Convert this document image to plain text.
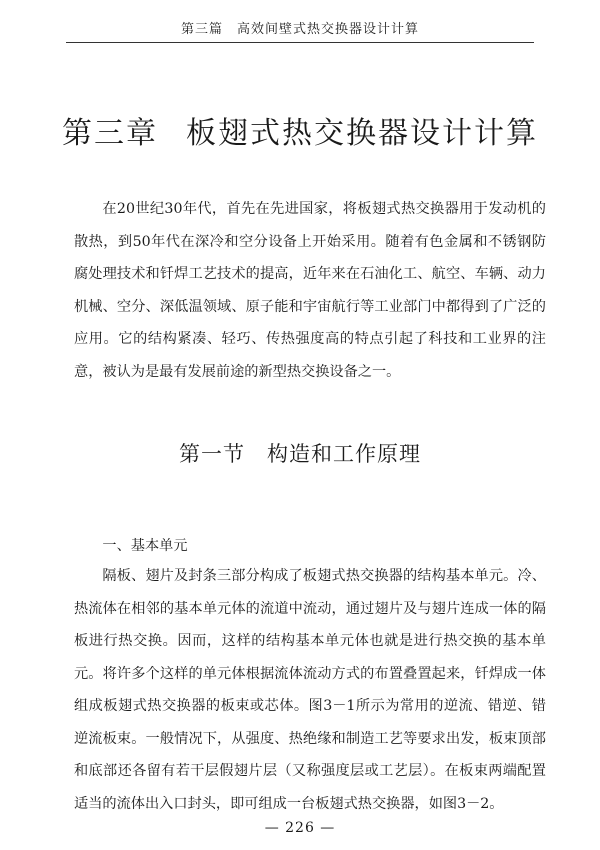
第三篇　高效间壁式热交换器设计计算
第三章 板翅式热交换器设计计算

在20世纪30年代，首先在先进国家，将板翅式热交换器用于发动机的散热，到50年代在深冷和空分设备上开始采用。随着有色金属和不锈钢防腐处理技术和钎焊工艺技术的提高，近年来在石油化工、航空、车辆、动力机械、空分、深低温领域、原子能和宇宙航行等工业部门中都得到了广泛的应用。它的结构紧凑、轻巧、传热强度高的特点引起了科技和工业界的注意，被认为是最有发展前途的新型热交换设备之一。

第一节 构造和工作原理

一、基本单元

隔板、翅片及封条三部分构成了板翅式热交换器的结构基本单元。冷、热流体在相邻的基本单元体的流道中流动，通过翅片及与翅片连成一体的隔板进行热交换。因而，这样的结构基本单元体也就是进行热交换的基本单元。将许多个这样的单元体根据流体流动方式的布置叠置起来，钎焊成一体组成板翅式热交换器的板束或芯体。图3－1所示为常用的逆流、错逆、错逆流板束。一般情况下，从强度、热绝缘和制造工艺等要求出发，板束顶部和底部还各留有若干层假翅片层（又称强度层或工艺层）。在板束两端配置适当的流体出入口封头，即可组成一台板翅式热交换器，如图3－2。

— 226 —
